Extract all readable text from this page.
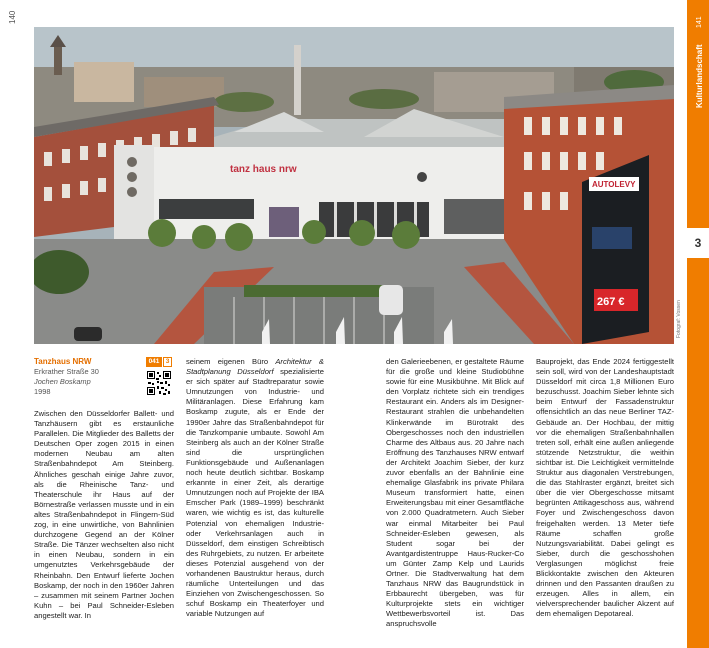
140	141
Kulturlandschaft
3
tanz haus nrw
AUTOLEVY
267 €	Fotograf: Vossen
Tanzhaus NRW
Erkrather Straße 30
Jochen Boskamp
1998
041 3
Zwischen den Düsseldorfer Ballett- und Tanzhäusern gibt es erstaunliche Parallelen. Die Mitglieder des Balletts der Deutschen Oper zogen 2015 in einen modernen Neubau am alten Straßenbahndepot Am Steinberg. Ähnliches geschah einige Jahre zuvor, als die Rheinische Tanz- und Theaterschule ihr Haus auf der Börnestraße verlassen musste und in ein altes Straßenbahndepot in Flingern-Süd zog, in eine unwirtliche, von Bahnlinien durchzogene Gegend an der Kölner Straße. Die Tänzer wechselten also nicht in einen Neubau, sondern in ein umgenutztes Verkehrsgebäude der Rheinbahn. Den Entwurf lieferte Jochen Boskamp, der noch in den 1960er Jahren – zusammen mit seinem Partner Jochen Kuhn – bei Paul Schneider-Esleben angestellt war. In
seinem eigenen Büro Architektur & Stadtplanung Düsseldorf spezialisierte er sich später auf Stadtreparatur sowie Umnutzungen von Industrie- und Militäranlagen. Diese Erfahrung kam Boskamp zugute, als er Ende der 1990er Jahre das Straßenbahndepot für die Tanzkompanie umbaute. Sowohl Am Steinberg als auch an der Kölner Straße sind die ursprünglichen Funktionsgebäude und Außenanlagen noch heute deutlich sichtbar. Boskamp erkannte in einer Zeit, als derartige Umnutzungen noch auf Projekte der IBA Emscher Park (1989–1999) beschränkt waren, wie wichtig es ist, das kulturelle Potenzial von ehemaligen Industrie- oder Verkehrsanlagen auch in Düsseldorf, dem einstigen Schreibtisch des Ruhrgebiets, zu nutzen. Er arbeitete dieses Potenzial ausgehend von der vorhandenen Baustruktur heraus, durch räumliche Unterteilungen und das Einziehen von Zwischengeschossen. So schuf Boskamp ein Theaterfoyer und variable Nutzungen auf
den Galerieebenen, er gestaltete Räume für die große und kleine Studiobühne sowie für eine Musikbühne. Mit Blick auf den Vorplatz richtete sich ein trendiges Restaurant ein. Anders als im Designer-Restaurant strahlen die unbehandelten Klinkerwände im Bürotrakt des Obergeschosses noch den industriellen Charme des Altbaus aus. 20 Jahre nach Eröffnung des Tanzhauses NRW entwarf der Architekt Joachim Sieber, der kurz zuvor ebenfalls an der Bahnlinie eine ehemalige Glasfabrik ins private Philara Museum transformiert hatte, einen Erweiterungsbau mit einer Gesamtfläche von 2.000 Quadratmetern. Auch Sieber war einmal Mitarbeiter bei Paul Schneider-Esleben gewesen, als Student sogar bei der Avantgardistentruppe Haus-Rucker-Co um Günter Zamp Kelp und Laurids Ortner. Die Stadtverwaltung hat dem Tanzhaus NRW das Baugrundstück in Erbbaurecht übergeben, was für Kulturprojekte stets ein wichtiger Wettbewerbsvorteil ist. Das anspruchsvolle
Bauprojekt, das Ende 2024 fertiggestellt sein soll, wird von der Landeshauptstadt Düsseldorf mit circa 1,8 Millionen Euro bezuschusst. Joachim Sieber lehnte sich beim Entwurf der Fassadenstruktur offensichtlich an das neue Berliner TAZ-Gebäude an. Der Hochbau, der mittig vor die ehemaligen Straßenbahnhallen treten soll, erhält eine außen anliegende stützende Netzstruktur, die weithin sichtbar ist. Die Leichtigkeit vermittelnde Struktur aus diagonalen Verstrebungen, die das Stahlraster ergänzt, breitet sich über die vier Obergeschosse mitsamt begrünten Attikageschoss aus, während Foyer und Zwischengeschoss davon freigehalten werden. 13 Meter tiefe Räume schaffen große Nutzungsvariabilität. Dabei gelingt es Sieber, durch die geschosshohen Verglasungen möglichst freie Blickkontakte zwischen den Akteuren drinnen und den Passanten draußen zu erzeugen. Alles in allem, ein vielversprechender baulicher Akzent auf dem ehemaligen Depotareal.
